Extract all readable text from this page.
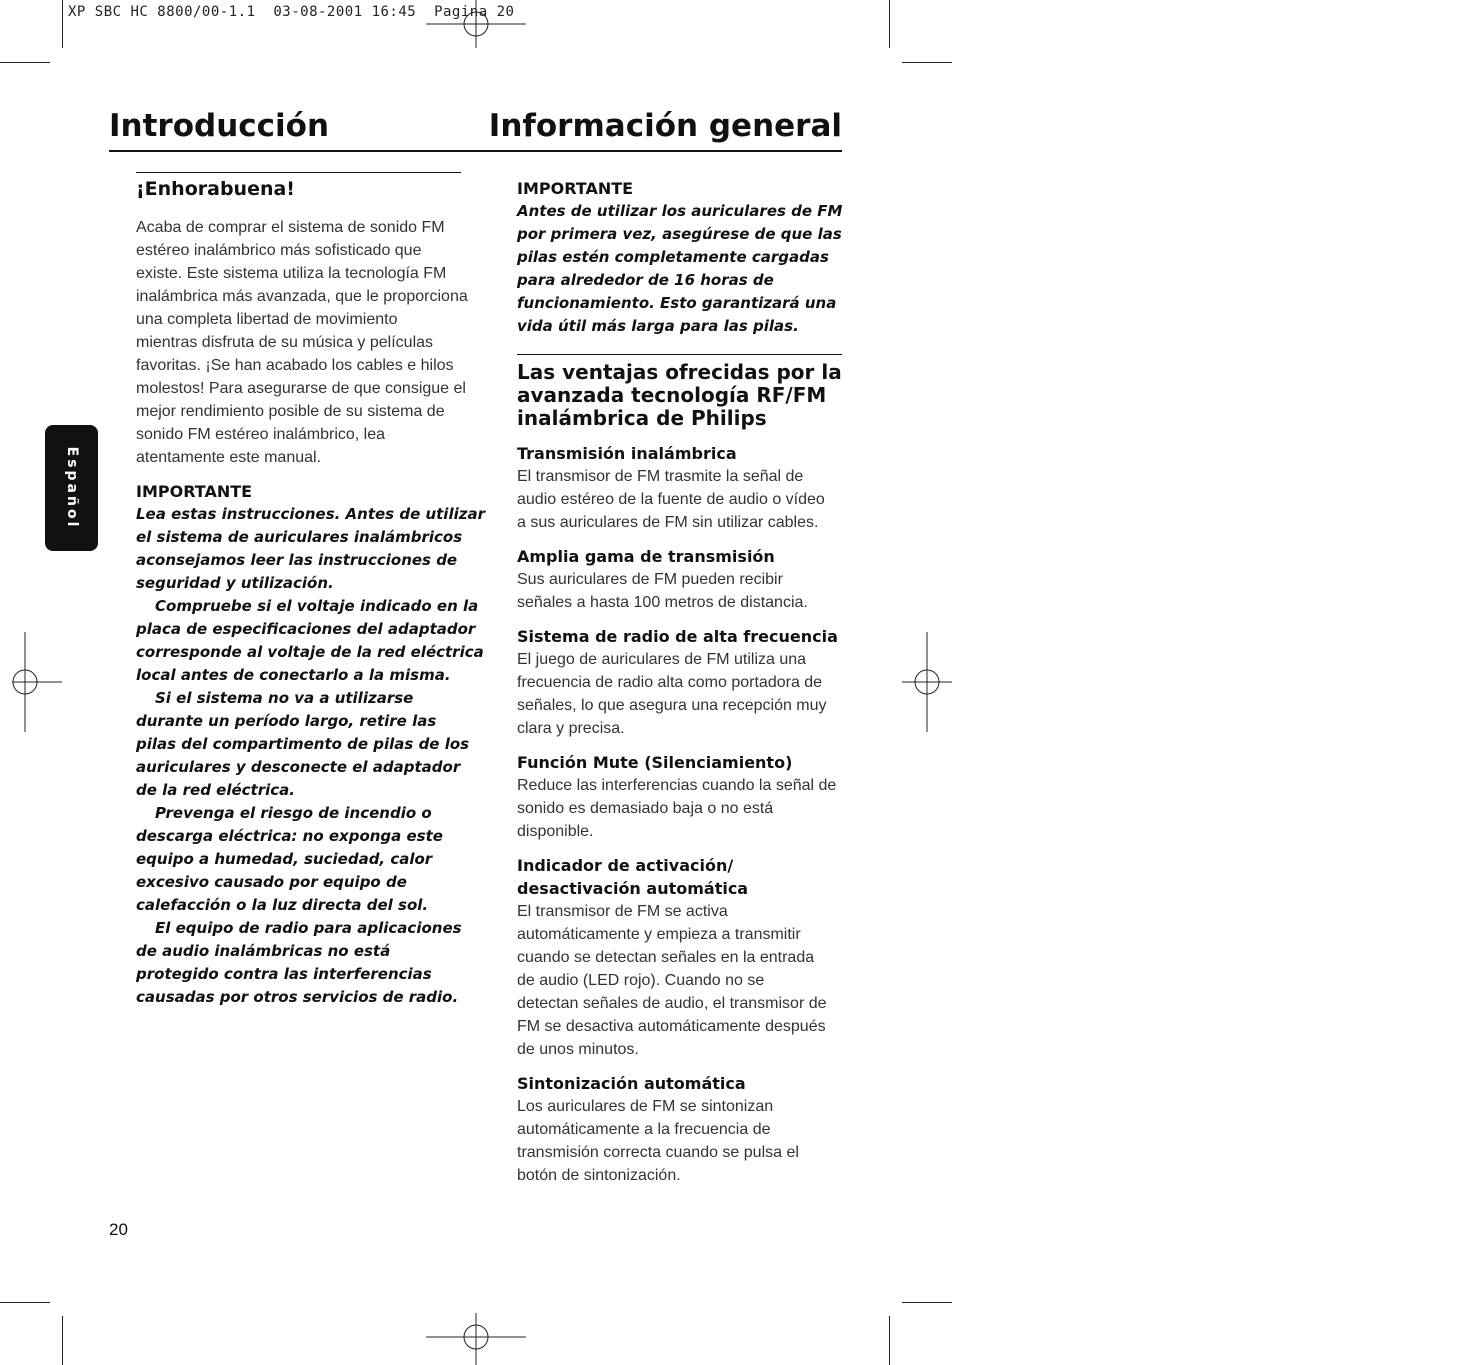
XP SBC HC 8800/00-1.1  03-08-2001 16:45  Pagina 20
Introducción	Información general
Español
¡Enhorabuena!
Acaba de comprar el sistema de sonido FM
estéreo inalámbrico más sofisticado que
existe. Este sistema utiliza la tecnología FM
inalámbrica más avanzada, que le proporciona
una completa libertad de movimiento
mientras disfruta de su música y películas
favoritas. ¡Se han acabado los cables e hilos
molestos! Para asegurarse de que consigue el
mejor rendimiento posible de su sistema de
sonido FM estéreo inalámbrico, lea
atentamente este manual.
IMPORTANTE
Lea estas instrucciones. Antes de utilizar
el sistema de auriculares inalámbricos
aconsejamos leer las instrucciones de
seguridad y utilización.
Compruebe si el voltaje indicado en la
placa de especificaciones del adaptador
corresponde al voltaje de la red eléctrica
local antes de conectarlo a la misma.
Si el sistema no va a utilizarse
durante un período largo, retire las
pilas del compartimento de pilas de los
auriculares y desconecte el adaptador
de la red eléctrica.
Prevenga el riesgo de incendio o
descarga eléctrica: no exponga este
equipo a humedad, suciedad, calor
excesivo causado por equipo de
calefacción o la luz directa del sol.
El equipo de radio para aplicaciones
de audio inalámbricas no está
protegido contra las interferencias
causadas por otros servicios de radio.
IMPORTANTE
Antes de utilizar los auriculares de FM
por primera vez, asegúrese de que las
pilas estén completamente cargadas
para alrededor de 16 horas de
funcionamiento. Esto garantizará una
vida útil más larga para las pilas.
Las ventajas ofrecidas por la
avanzada tecnología RF/FM
inalámbrica de Philips
Transmisión inalámbrica
El transmisor de FM trasmite la señal de
audio estéreo de la fuente de audio o vídeo
a sus auriculares de FM sin utilizar cables.
Amplia gama de transmisión
Sus auriculares de FM pueden recibir
señales a hasta 100 metros de distancia.
Sistema de radio de alta frecuencia
El juego de auriculares de FM utiliza una
frecuencia de radio alta como portadora de
señales, lo que asegura una recepción muy
clara y precisa.
Función Mute (Silenciamiento)
Reduce las interferencias cuando la señal de
sonido es demasiado baja o no está
disponible.
Indicador de activación/
desactivación automática
El transmisor de FM se activa
automáticamente y empieza a transmitir
cuando se detectan señales en la entrada
de audio (LED rojo). Cuando no se
detectan señales de audio, el transmisor de
FM se desactiva automáticamente después
de unos minutos.
Sintonización automática
Los auriculares de FM se sintonizan
automáticamente a la frecuencia de
transmisión correcta cuando se pulsa el
botón de sintonización.
20
